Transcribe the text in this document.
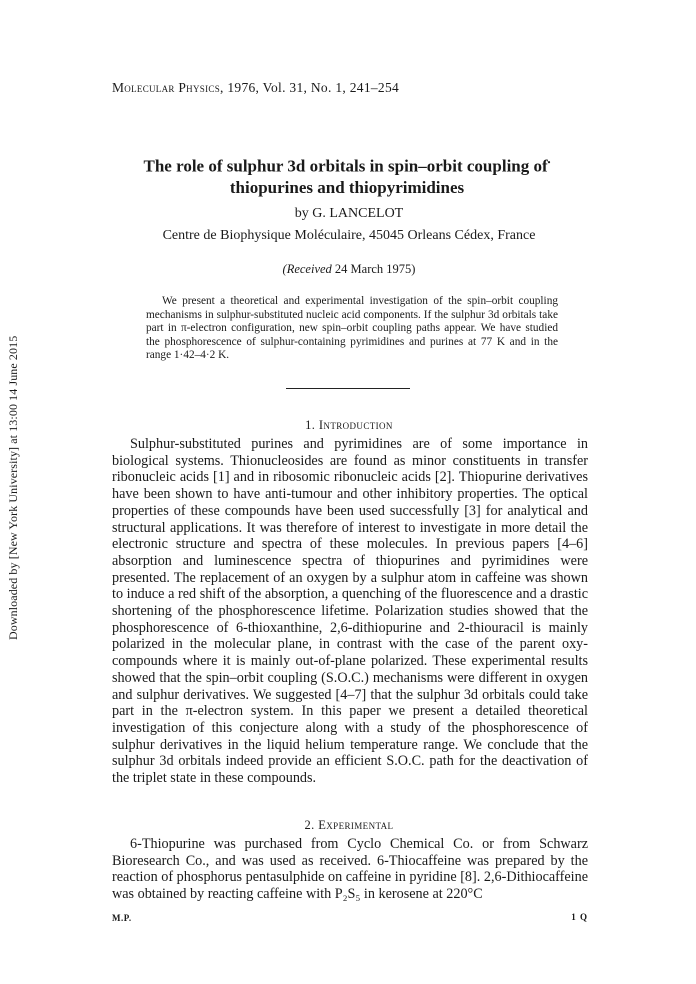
Downloaded by [New York University] at 13:00 14 June 2015
Molecular Physics, 1976, Vol. 31, No. 1, 241–254
The role of sulphur 3d orbitals in spin–orbit coupling of•
thiopurines and thiopyrimidines
by G. LANCELOT
Centre de Biophysique Moléculaire, 45045 Orleans Cédex, France
(Received 24 March 1975)

We present a theoretical and experimental investigation of the spin–orbit coupling mechanisms in sulphur-substituted nucleic acid components. If the sulphur 3d orbitals take part in π-electron configuration, new spin–orbit coupling paths appear. We have studied the phosphorescence of sulphur-containing pyrimidines and purines at 77 K and in the range 1·42–4·2 K.

1. Introduction

Sulphur-substituted purines and pyrimidines are of some importance in biological systems. Thionucleosides are found as minor constituents in transfer ribonucleic acids [1] and in ribosomic ribonucleic acids [2]. Thiopurine derivatives have been shown to have anti-tumour and other inhibitory properties. The optical properties of these compounds have been used successfully [3] for analytical and structural applications. It was therefore of interest to investigate in more detail the electronic structure and spectra of these molecules. In previous papers [4–6] absorption and luminescence spectra of thiopurines and pyrimidines were presented. The replacement of an oxygen by a sulphur atom in caffeine was shown to induce a red shift of the absorption, a quenching of the fluorescence and a drastic shortening of the phosphorescence lifetime. Polarization studies showed that the phosphorescence of 6-thioxanthine, 2,6-dithiopurine and 2-thiouracil is mainly polarized in the molecular plane, in contrast with the case of the parent oxy-compounds where it is mainly out-of-plane polarized. These experimental results showed that the spin–orbit coupling (S.O.C.) mechanisms were different in oxygen and sulphur derivatives. We suggested [4–7] that the sulphur 3d orbitals could take part in the π-electron system. In this paper we present a detailed theoretical investigation of this conjecture along with a study of the phosphorescence of sulphur derivatives in the liquid helium temperature range. We conclude that the sulphur 3d orbitals indeed provide an efficient S.O.C. path for the deactivation of the triplet state in these compounds.

2. Experimental

6-Thiopurine was purchased from Cyclo Chemical Co. or from Schwarz Bioresearch Co., and was used as received. 6-Thiocaffeine was prepared by the reaction of phosphorus pentasulphide on caffeine in pyridine [8]. 2,6-Dithiocaffeine was obtained by reacting caffeine with P₂S₅ in kerosene at 220°C

M.P.	1 Q
